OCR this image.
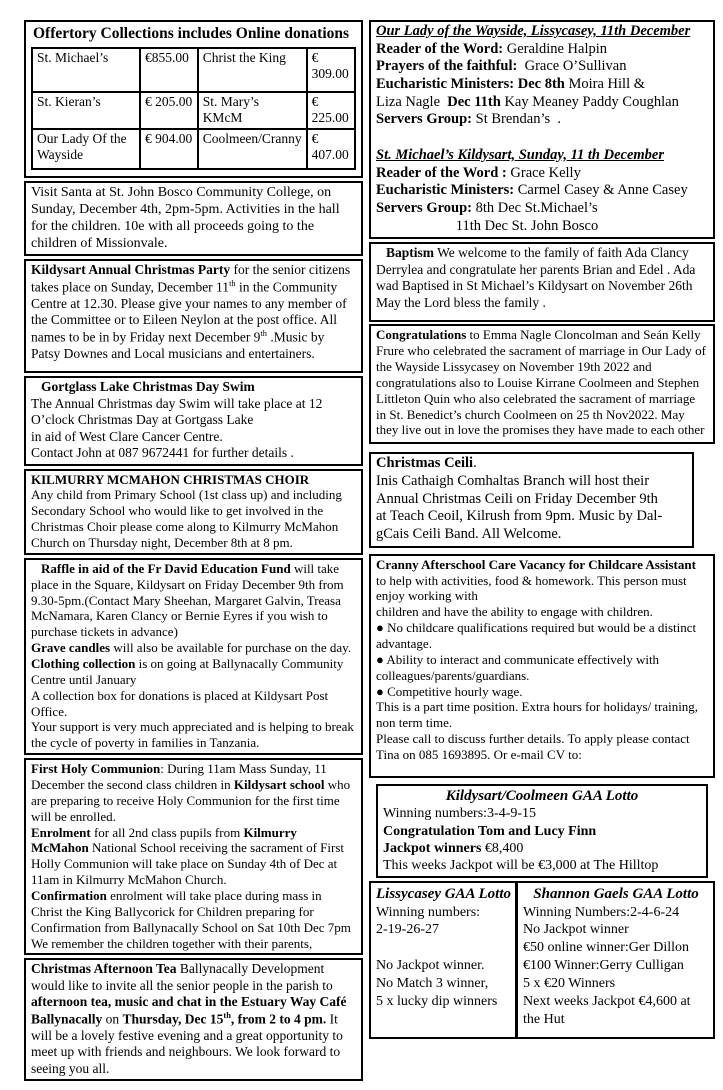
Offertory Collections includes Online donations
St. Michael’s	€855.00	Christ the King	€ 309.00
St. Kieran’s	€ 205.00	St. Mary’s KMcM	€ 225.00
Our Lady Of the Wayside	€ 904.00	Coolmeen/Cranny	€ 407.00

Visit Santa at St. John Bosco Community College, on Sunday, December 4th, 2pm-5pm. Activities in the hall for the children. 10e with all proceeds going to the children of Missionvale.

Kildysart Annual Christmas Party for the senior citizens takes place on Sunday, December 11th in the Community Centre at 12.30. Please give your names to any member of the Committee or to Eileen Neylon at the post office. All names to be in by Friday next December 9th .Music by Patsy Downes and Local musicians and entertainers.

Gortglass Lake Christmas Day Swim
The Annual Christmas day Swim will take place at 12 O’clock Christmas Day at Gortgass Lake
in aid of West Clare Cancer Centre.
Contact John at 087 9672441 for further details .

KILMURRY MCMAHON CHRISTMAS CHOIR
Any child from Primary School (1st class up) and including Secondary School who would like to get involved in the Christmas Choir please come along to Kilmurry McMahon Church on Thursday night, December 8th at 8 pm.

Raffle in aid of the Fr David Education Fund will take place in the Square, Kildysart on Friday December 9th from 9.30-5pm.(Contact Mary Sheehan, Margaret Galvin, Treasa McNamara, Karen Clancy or Bernie Eyres if you wish to purchase tickets in advance)
Grave candles will also be available for purchase on the day.
Clothing collection is on going at Ballynacally Community Centre until January
A collection box for donations is placed at Kildysart Post Office.
Your support is very much appreciated and is helping to break the cycle of poverty in families in Tanzania.

First Holy Communion: During 11am Mass Sunday, 11 December the second class children in Kildysart school who are preparing to receive Holy Communion for the first time will be enrolled.
Enrolment for all 2nd class pupils from Kilmurry McMahon National School receiving the sacrament of First Holly Communion will take place on Sunday 4th of Dec at 11am in Kilmurry McMahon Church.
Confirmation enrolment will take place during mass in Christ the King Ballycorick for Children preparing for Confirmation from Ballynacally School on Sat 10th Dec 7pm
We remember the children together with their parents,

Christmas Afternoon Tea Ballynacally Development would like to invite all the senior people in the parish to afternoon tea, music and chat in the Estuary Way Café Ballynacally on Thursday, Dec 15th, from 2 to 4 pm. It will be a lovely festive evening and a great opportunity to meet up with friends and neighbours. We look forward to seeing you all.

Our Lady of the Wayside, Lissycasey, 11th December
Reader of the Word: Geraldine Halpin
Prayers of the faithful:  Grace O’Sullivan
Eucharistic Ministers: Dec 8th Moira Hill &
Liza Nagle  Dec 11th Kay Meaney Paddy Coughlan
Servers Group: St Brendan’s  .

St. Michael’s Kildysart, Sunday, 11 th December
Reader of the Word : Grace Kelly
Eucharistic Ministers: Carmel Casey & Anne Casey
Servers Group: 8th Dec St.Michael’s
11th Dec St. John Bosco

Baptism We welcome to the family of faith Ada Clancy Derrylea and congratulate her parents Brian and Edel . Ada wad Baptised in St Michael’s Kildysart on November 26th May the Lord bless the family .

Congratulations to Emma Nagle Cloncolman and Seán Kelly Frure who celebrated the sacrament of marriage in Our Lady of the Wayside Lissycasey on November 19th 2022 and congratulations also to Louise Kirrane Coolmeen and Stephen Littleton Quin who also celebrated the sacrament of marriage in St. Benedict’s church Coolmeen on 25 th Nov2022. May they live out in love the promises they have made to each other

Christmas Ceili.
Inis Cathaigh Comhaltas Branch will host their
Annual Christmas Ceili on Friday December 9th
at Teach Ceoil, Kilrush from 9pm. Music by Dal-
gCais Ceili Band. All Welcome.

Cranny Afterschool Care Vacancy for Childcare Assistant
to help with activities, food & homework. This person must enjoy working with
children and have the ability to engage with children.
● No childcare qualifications required but would be a distinct advantage.
● Ability to interact and communicate effectively with colleagues/parents/guardians.
● Competitive hourly wage.
This is a part time position. Extra hours for holidays/ training, non term time.
Please call to discuss further details. To apply please contact Tina on 085 1693895. Or e-mail CV to:

Kildysart/Coolmeen GAA Lotto

Winning numbers:3-4-9-15
Congratulation Tom and Lucy Finn
Jackpot winners €8,400
This weeks Jackpot will be €3,000 at The Hilltop

Lissycasey GAA Lotto

Winning numbers:
2-19-26-27

No Jackpot winner.
No Match 3 winner,
5 x lucky dip winners

Shannon Gaels GAA Lotto

Winning Numbers:2-4-6-24
No Jackpot winner
€50 online winner:Ger Dillon
€100 Winner:Gerry Culligan
5 x €20 Winners
Next weeks Jackpot €4,600 at the Hut
